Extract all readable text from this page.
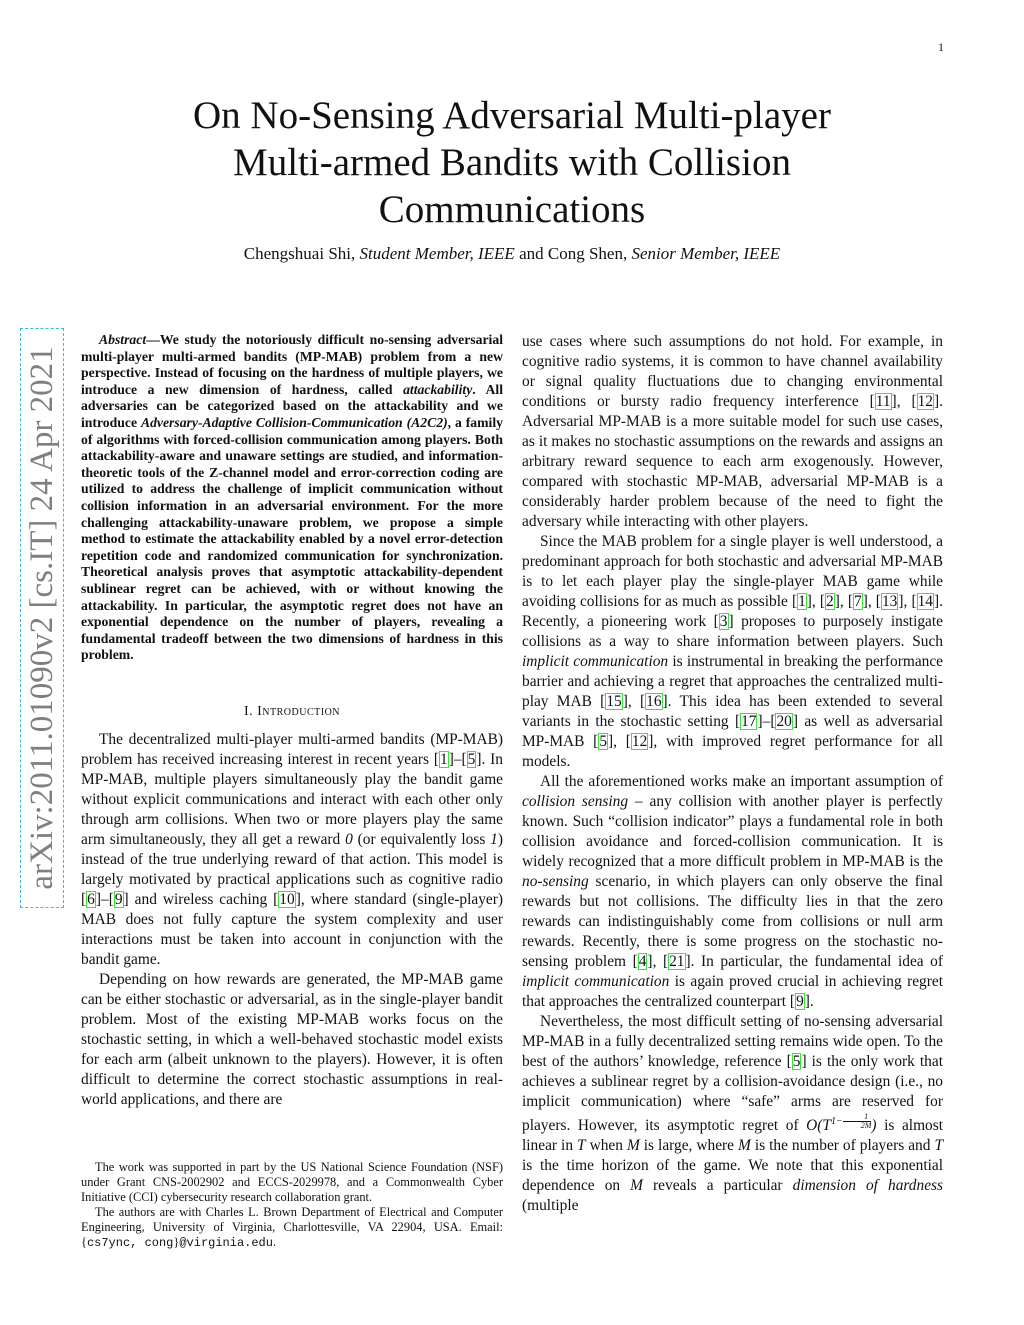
1
On No-Sensing Adversarial Multi-player Multi-armed Bandits with Collision Communications
Chengshuai Shi, Student Member, IEEE and Cong Shen, Senior Member, IEEE
arXiv:2011.01090v2 [cs.IT] 24 Apr 2021

Abstract—We study the notoriously difficult no-sensing adversarial multi-player multi-armed bandits (MP-MAB) problem from a new perspective. Instead of focusing on the hardness of multiple players, we introduce a new dimension of hardness, called attackability. All adversaries can be categorized based on the attackability and we introduce Adversary-Adaptive Collision-Communication (A2C2), a family of algorithms with forced-collision communication among players. Both attackability-aware and unaware settings are studied, and information-theoretic tools of the Z-channel model and error-correction coding are utilized to address the challenge of implicit communication without collision information in an adversarial environment. For the more challenging attackability-unaware problem, we propose a simple method to estimate the attackability enabled by a novel error-detection repetition code and randomized communication for synchronization. Theoretical analysis proves that asymptotic attackability-dependent sublinear regret can be achieved, with or without knowing the attackability. In particular, the asymptotic regret does not have an exponential dependence on the number of players, revealing a fundamental tradeoff between the two dimensions of hardness in this problem.

I. Introduction

The decentralized multi-player multi-armed bandits (MP-MAB) problem has received increasing interest in recent years [1]–[5]. In MP-MAB, multiple players simultaneously play the bandit game without explicit communications and interact with each other only through arm collisions. When two or more players play the same arm simultaneously, they all get a reward 0 (or equivalently loss 1) instead of the true underlying reward of that action. This model is largely motivated by practical applications such as cognitive radio [6]–[9] and wireless caching [10], where standard (single-player) MAB does not fully capture the system complexity and user interactions must be taken into account in conjunction with the bandit game.

Depending on how rewards are generated, the MP-MAB game can be either stochastic or adversarial, as in the single-player bandit problem. Most of the existing MP-MAB works focus on the stochastic setting, in which a well-behaved stochastic model exists for each arm (albeit unknown to the players). However, it is often difficult to determine the correct stochastic assumptions in real-world applications, and there are

The work was supported in part by the US National Science Foundation (NSF) under Grant CNS-2002902 and ECCS-2029978, and a Commonwealth Cyber Initiative (CCI) cybersecurity research collaboration grant.

The authors are with Charles L. Brown Department of Electrical and Computer Engineering, University of Virginia, Charlottesville, VA 22904, USA. Email: {cs7ync, cong}@virginia.edu.

use cases where such assumptions do not hold. For example, in cognitive radio systems, it is common to have channel availability or signal quality fluctuations due to changing environmental conditions or bursty radio frequency interference [11], [12]. Adversarial MP-MAB is a more suitable model for such use cases, as it makes no stochastic assumptions on the rewards and assigns an arbitrary reward sequence to each arm exogenously. However, compared with stochastic MP-MAB, adversarial MP-MAB is a considerably harder problem because of the need to fight the adversary while interacting with other players.

Since the MAB problem for a single player is well understood, a predominant approach for both stochastic and adversarial MP-MAB is to let each player play the single-player MAB game while avoiding collisions for as much as possible [1], [2], [7], [13], [14]. Recently, a pioneering work [3] proposes to purposely instigate collisions as a way to share information between players. Such implicit communication is instrumental in breaking the performance barrier and achieving a regret that approaches the centralized multi-play MAB [15], [16]. This idea has been extended to several variants in the stochastic setting [17]–[20] as well as adversarial MP-MAB [5], [12], with improved regret performance for all models.

All the aforementioned works make an important assumption of collision sensing – any collision with another player is perfectly known. Such “collision indicator” plays a fundamental role in both collision avoidance and forced-collision communication. It is widely recognized that a more difficult problem in MP-MAB is the no-sensing scenario, in which players can only observe the final rewards but not collisions. The difficulty lies in that the zero rewards can indistinguishably come from collisions or null arm rewards. Recently, there is some progress on the stochastic no-sensing problem [4], [21]. In particular, the fundamental idea of implicit communication is again proved crucial in achieving regret that approaches the centralized counterpart [9].

Nevertheless, the most difficult setting of no-sensing adversarial MP-MAB in a fully decentralized setting remains wide open. To the best of the authors’ knowledge, reference [5] is the only work that achieves a sublinear regret by a collision-avoidance design (i.e., no implicit communication) where “safe” arms are reserved for players. However, its asymptotic regret of $O(T^{1- \frac{1}{2M}}$ ) is almost linear in T when M is large, where M is the number of players and T is the time horizon of the game. We note that this exponential dependence on M reveals a particular dimension of hardness (multiple
